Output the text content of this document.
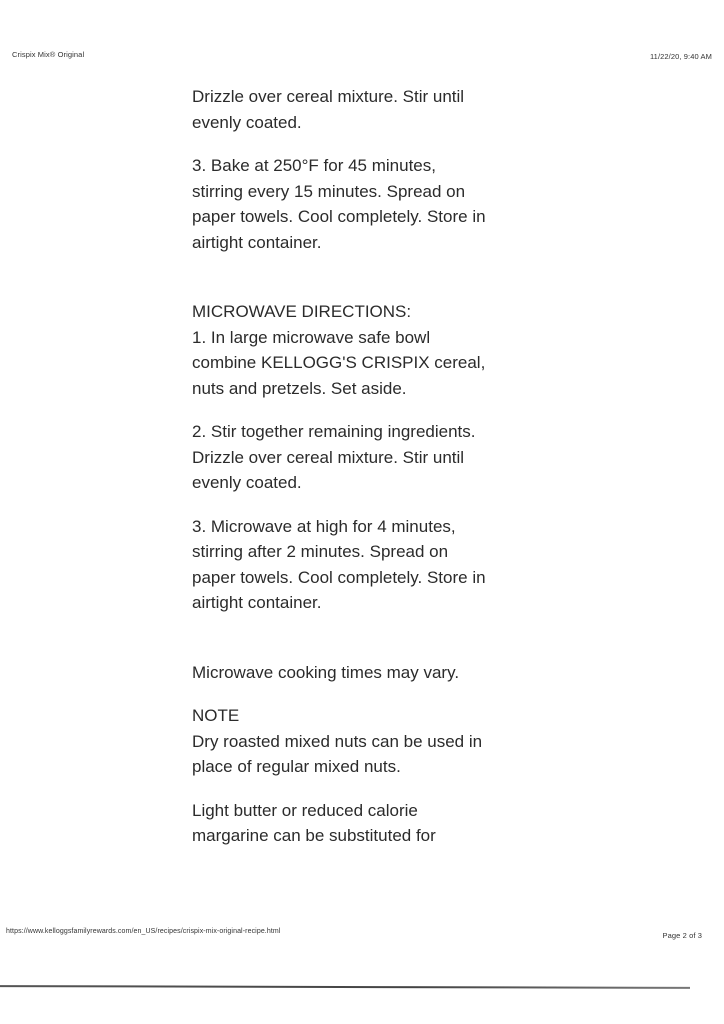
Crispix Mix® Original	11/22/20, 9:40 AM
Drizzle over cereal mixture. Stir until
evenly coated.
3. Bake at 250°F for 45 minutes,
stirring every 15 minutes. Spread on
paper towels. Cool completely. Store in
airtight container.
MICROWAVE DIRECTIONS:
1. In large microwave safe bowl
combine KELLOGG'S CRISPIX cereal,
nuts and pretzels. Set aside.
2. Stir together remaining ingredients.
Drizzle over cereal mixture. Stir until
evenly coated.
3. Microwave at high for 4 minutes,
stirring after 2 minutes. Spread on
paper towels. Cool completely. Store in
airtight container.
Microwave cooking times may vary.
NOTE
Dry roasted mixed nuts can be used in
place of regular mixed nuts.
Light butter or reduced calorie
margarine can be substituted for
https://www.kelloggsfamilyrewards.com/en_US/recipes/crispix-mix-original-recipe.html	Page 2 of 3
